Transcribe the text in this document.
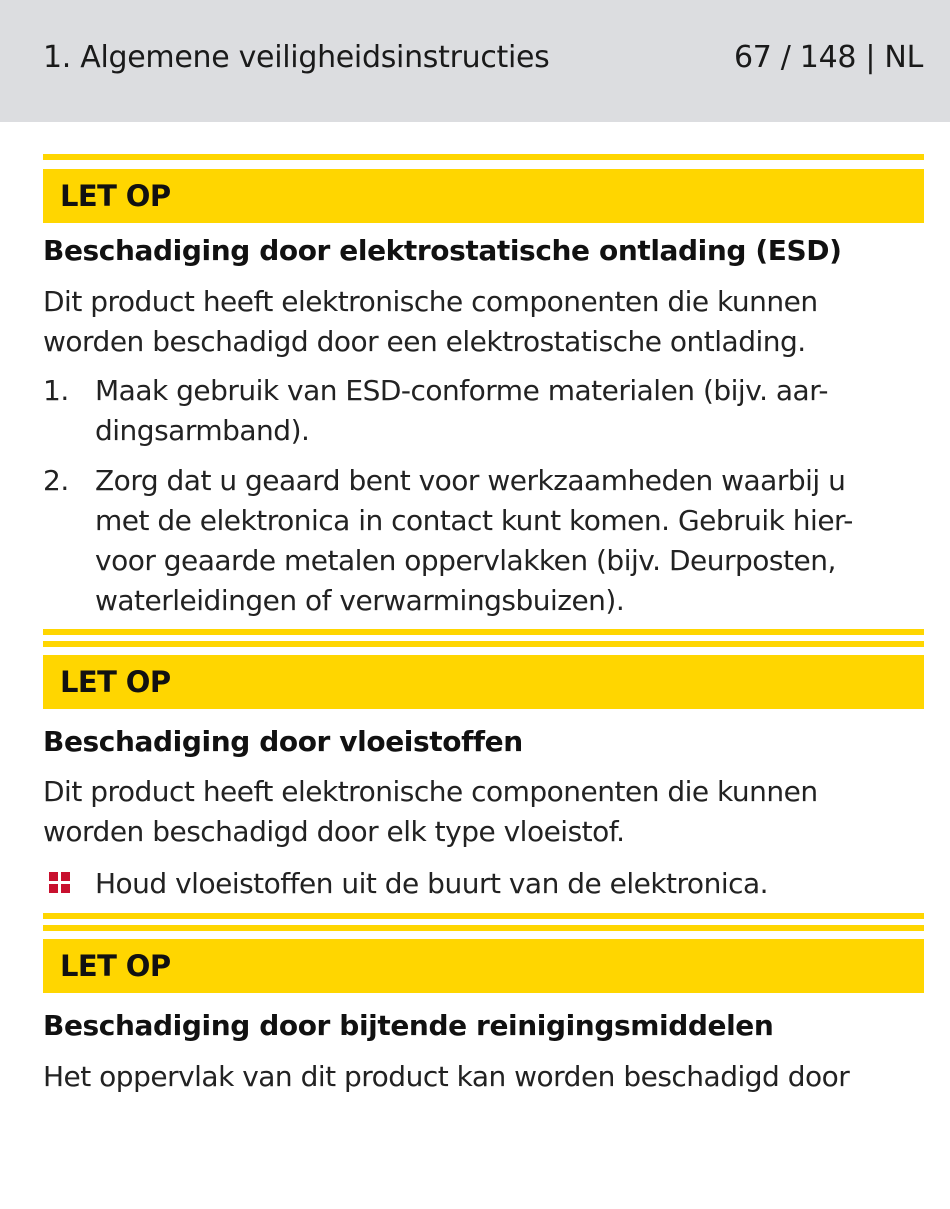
1. Algemene veiligheidsinstructies	67 / 148 | NL
LET OP
Beschadiging door elektrostatische ontlading (ESD)
Dit product heeft elektronische componenten die kunnen
worden beschadigd door een elektrostatische ontlading.
1. Maak gebruik van ESD-conforme materialen (bijv. aar-
dingsarmband).
2. Zorg dat u geaard bent voor werkzaamheden waarbij u
met de elektronica in contact kunt komen. Gebruik hier-
voor geaarde metalen oppervlakken (bijv. Deurposten,
waterleidingen of verwarmingsbuizen).
LET OP
Beschadiging door vloeistoffen
Dit product heeft elektronische componenten die kunnen
worden beschadigd door elk type vloeistof.
Houd vloeistoffen uit de buurt van de elektronica.
LET OP
Beschadiging door bijtende reinigingsmiddelen
Het oppervlak van dit product kan worden beschadigd door
